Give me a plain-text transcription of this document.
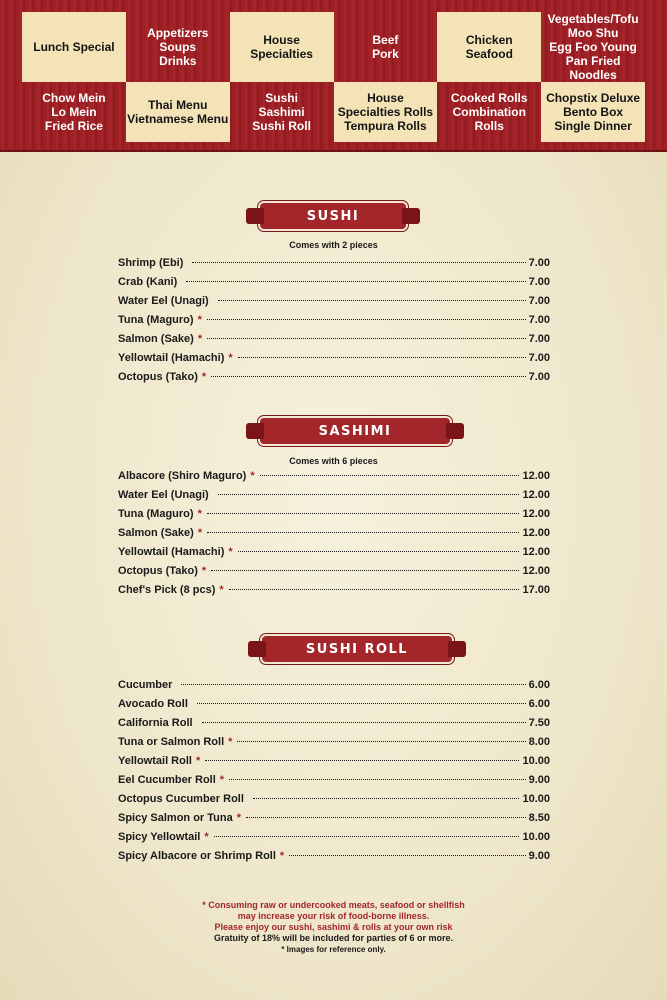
Lunch Special
Appetizers
Soups
Drinks
House
Specialties
Beef
Pork
Chicken
Seafood
Vegetables/Tofu
Moo Shu
Egg Foo Young
Pan Fried Noodles
Chow Mein
Lo Mein
Fried Rice
Thai Menu
Vietnamese Menu
Sushi
Sashimi
Sushi Roll
House
Specialties Rolls
Tempura Rolls
Cooked Rolls
Combination Rolls
Chopstix Deluxe
Bento Box
Single Dinner
SUSHI
Comes with 2 pieces
Shrimp (Ebi)	7.00
Crab (Kani)	7.00
Water Eel (Unagi)	7.00
Tuna (Maguro) *	7.00
Salmon (Sake) *	7.00
Yellowtail (Hamachi) *	7.00
Octopus (Tako) *	7.00
SASHIMI
Comes with 6 pieces
Albacore (Shiro Maguro) *	12.00
Water Eel (Unagi)	12.00
Tuna (Maguro) *	12.00
Salmon (Sake) *	12.00
Yellowtail (Hamachi) *	12.00
Octopus (Tako) *	12.00
Chef's Pick (8 pcs) *	17.00
SUSHI ROLL
Cucumber	6.00
Avocado Roll	6.00
California Roll	7.50
Tuna or Salmon Roll *	8.00
Yellowtail Roll *	10.00
Eel Cucumber Roll *	9.00
Octopus Cucumber Roll	10.00
Spicy Salmon or Tuna *	8.50
Spicy Yellowtail *	10.00
Spicy Albacore or Shrimp Roll *	9.00
* Consuming raw or undercooked meats, seafood or shellfish
may increase your risk of food-borne illness.
Please enjoy our sushi, sashimi & rolls at your own risk
Gratuity of 18% will be included for parties of 6 or more.
* Images for reference only.
